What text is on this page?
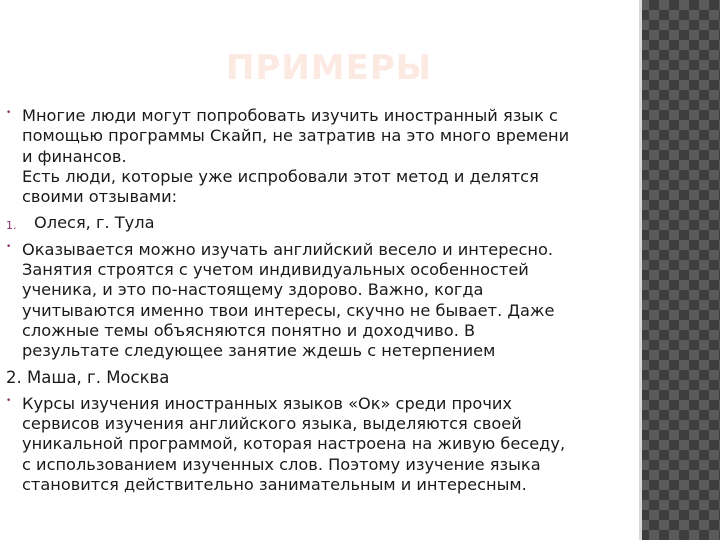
ПРИМЕРЫ
• Многие люди могут попробовать изучить иностранный язык с
помощью программы Скайп, не затратив на это много времени
и финансов.
Есть люди, которые уже испробовали этот метод и делятся
своими отзывами:
1. Олеся, г. Тула
• Оказывается можно изучать английский весело и интересно.
Занятия строятся с учетом индивидуальных особенностей
ученика, и это по-настоящему здорово. Важно, когда
учитываются именно твои интересы, скучно не бывает. Даже
сложные темы объясняются понятно и доходчиво. В
результате следующее занятие ждешь с нетерпением
2. Маша, г. Москва
• Курсы изучения иностранных языков «Ок» среди прочих
сервисов изучения английского языка, выделяются своей
уникальной программой, которая настроена на живую беседу,
с использованием изученных слов. Поэтому изучение языка
становится действительно занимательным и интересным.
